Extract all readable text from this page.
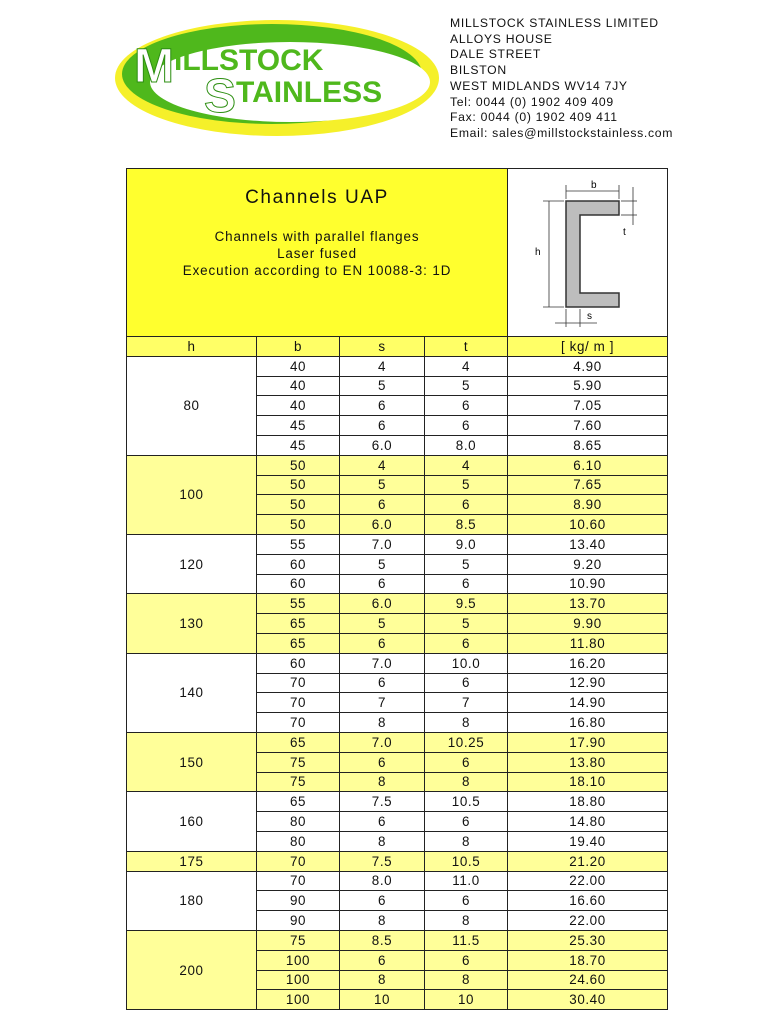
M ILLSTOCK
S TAINLESS
MILLSTOCK STAINLESS LIMITED
ALLOYS HOUSE
DALE STREET
BILSTON
WEST MIDLANDS WV14 7JY
Tel: 0044 (0) 1902 409 409
Fax: 0044 (0) 1902 409 411
Email: sales@millstockstainless.com
Channels UAP
Channels with parallel flanges
Laser fused
Execution according to EN 10088-3: 1D				b
t
h
s

h	b	s	t	[ kg/ m ]
80	40	4	4	4.90
	40	5	5	5.90
	40	6	6	7.05
	45	6	6	7.60
	45	6.0	8.0	8.65
100	50	4	4	6.10
	50	5	5	7.65
	50	6	6	8.90
	50	6.0	8.5	10.60
120	55	7.0	9.0	13.40
	60	5	5	9.20
	60	6	6	10.90
130	55	6.0	9.5	13.70
	65	5	5	9.90
	65	6	6	11.80
140	60	7.0	10.0	16.20
	70	6	6	12.90
	70	7	7	14.90
	70	8	8	16.80
150	65	7.0	10.25	17.90
	75	6	6	13.80
	75	8	8	18.10
160	65	7.5	10.5	18.80
	80	6	6	14.80
	80	8	8	19.40
175	70	7.5	10.5	21.20
180	70	8.0	11.0	22.00
	90	6	6	16.60
	90	8	8	22.00
200	75	8.5	11.5	25.30
	100	6	6	18.70
	100	8	8	24.60
	100	10	10	30.40
